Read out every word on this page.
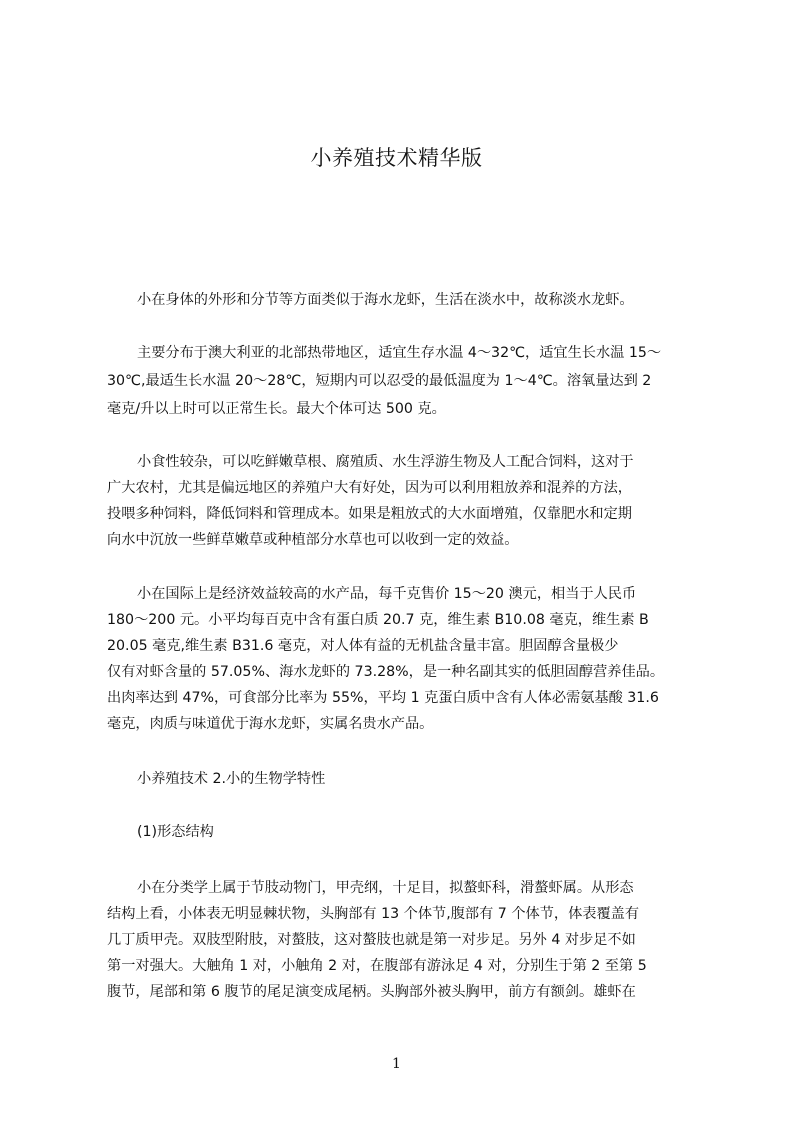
小养殖技术精华版
小在身体的外形和分节等方面类似于海水龙虾，生活在淡水中，故称淡水龙虾。
主要分布于澳大利亚的北部热带地区，适宜生存水温 4～32℃，适宜生长水温 15～
30℃,最适生长水温 20～28℃，短期内可以忍受的最低温度为 1～4℃。溶氧量达到 2
毫克/升以上时可以正常生长。最大个体可达 500 克。
小食性较杂，可以吃鲜嫩草根、腐殖质、水生浮游生物及人工配合饲料，这对于
广大农村，尤其是偏远地区的养殖户大有好处，因为可以利用粗放养和混养的方法，
投喂多种饲料，降低饲料和管理成本。如果是粗放式的大水面增殖，仅靠肥水和定期
向水中沉放一些鲜草嫩草或种植部分水草也可以收到一定的效益。
小在国际上是经济效益较高的水产品，每千克售价 15～20 澳元，相当于人民币
180～200 元。小平均每百克中含有蛋白质 20.7 克，维生素 B10.08 毫克，维生素 B
20.05 毫克,维生素 B31.6 毫克，对人体有益的无机盐含量丰富。胆固醇含量极少
仅有对虾含量的 57.05%、海水龙虾的 73.28%，是一种名副其实的低胆固醇营养佳品。
出肉率达到 47%，可食部分比率为 55%，平均 1 克蛋白质中含有人体必需氨基酸 31.6
毫克，肉质与味道优于海水龙虾，实属名贵水产品。
小养殖技术 2.小的生物学特性
(1)形态结构
小在分类学上属于节肢动物门，甲壳纲，十足目，拟螯虾科，滑螯虾属。从形态
结构上看，小体表无明显棘状物，头胸部有 13 个体节,腹部有 7 个体节，体表覆盖有
几丁质甲壳。双肢型附肢，对螯肢，这对螯肢也就是第一对步足。另外 4 对步足不如
第一对强大。大触角 1 对，小触角 2 对，在腹部有游泳足 4 对，分别生于第 2 至第 5
腹节，尾部和第 6 腹节的尾足演变成尾柄。头胸部外被头胸甲，前方有额剑。雄虾在
1
